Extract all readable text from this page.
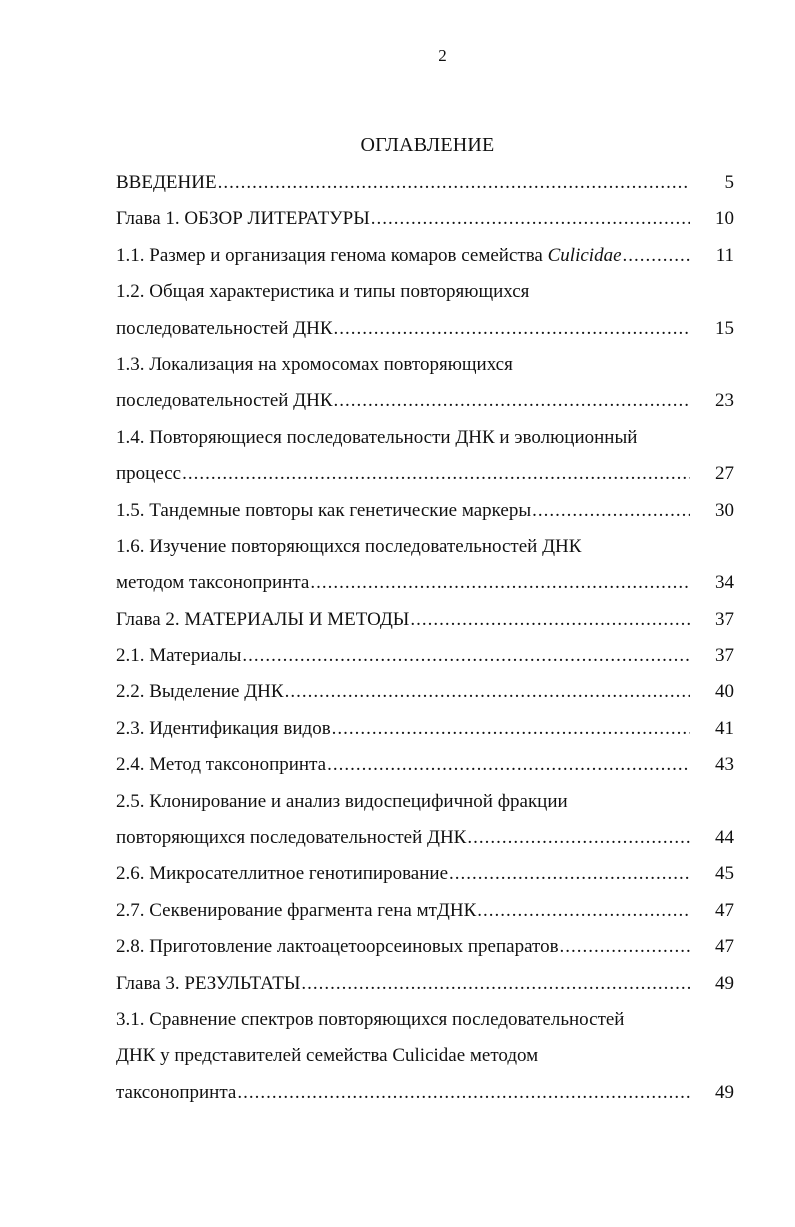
2
ОГЛАВЛЕНИЕ
ВВЕДЕНИЕ .....	5
Глава 1. ОБЗОР ЛИТЕРАТУРЫ .....	10
1.1. Размер и организация генома комаров семейства Culicidae .....	11
1.2. Общая характеристика и типы повторяющихся
последовательностей ДНК .....	15
1.3. Локализация на хромосомах повторяющихся
последовательностей ДНК .....	23
1.4. Повторяющиеся последовательности ДНК и эволюционный
процесс .....	27
1.5. Тандемные повторы как генетические маркеры .....	30
1.6. Изучение повторяющихся последовательностей ДНК
методом таксонопринта .....	34
Глава 2. МАТЕРИАЛЫ И МЕТОДЫ .....	37
2.1. Материалы .....	37
2.2. Выделение ДНК .....	40
2.3. Идентификация видов .....	41
2.4. Метод таксонопринта .....	43
2.5. Клонирование и анализ видоспецифичной фракции
повторяющихся последовательностей ДНК .....	44
2.6. Микросателлитное генотипирование .....	45
2.7. Секвенирование фрагмента гена мтДНК .....	47
2.8. Приготовление лактоацетоорсеиновых препаратов .....	47
Глава 3. РЕЗУЛЬТАТЫ .....	49
3.1. Сравнение спектров повторяющихся последовательностей
ДНК у представителей семейства Culicidae методом
таксонопринта .....	49
